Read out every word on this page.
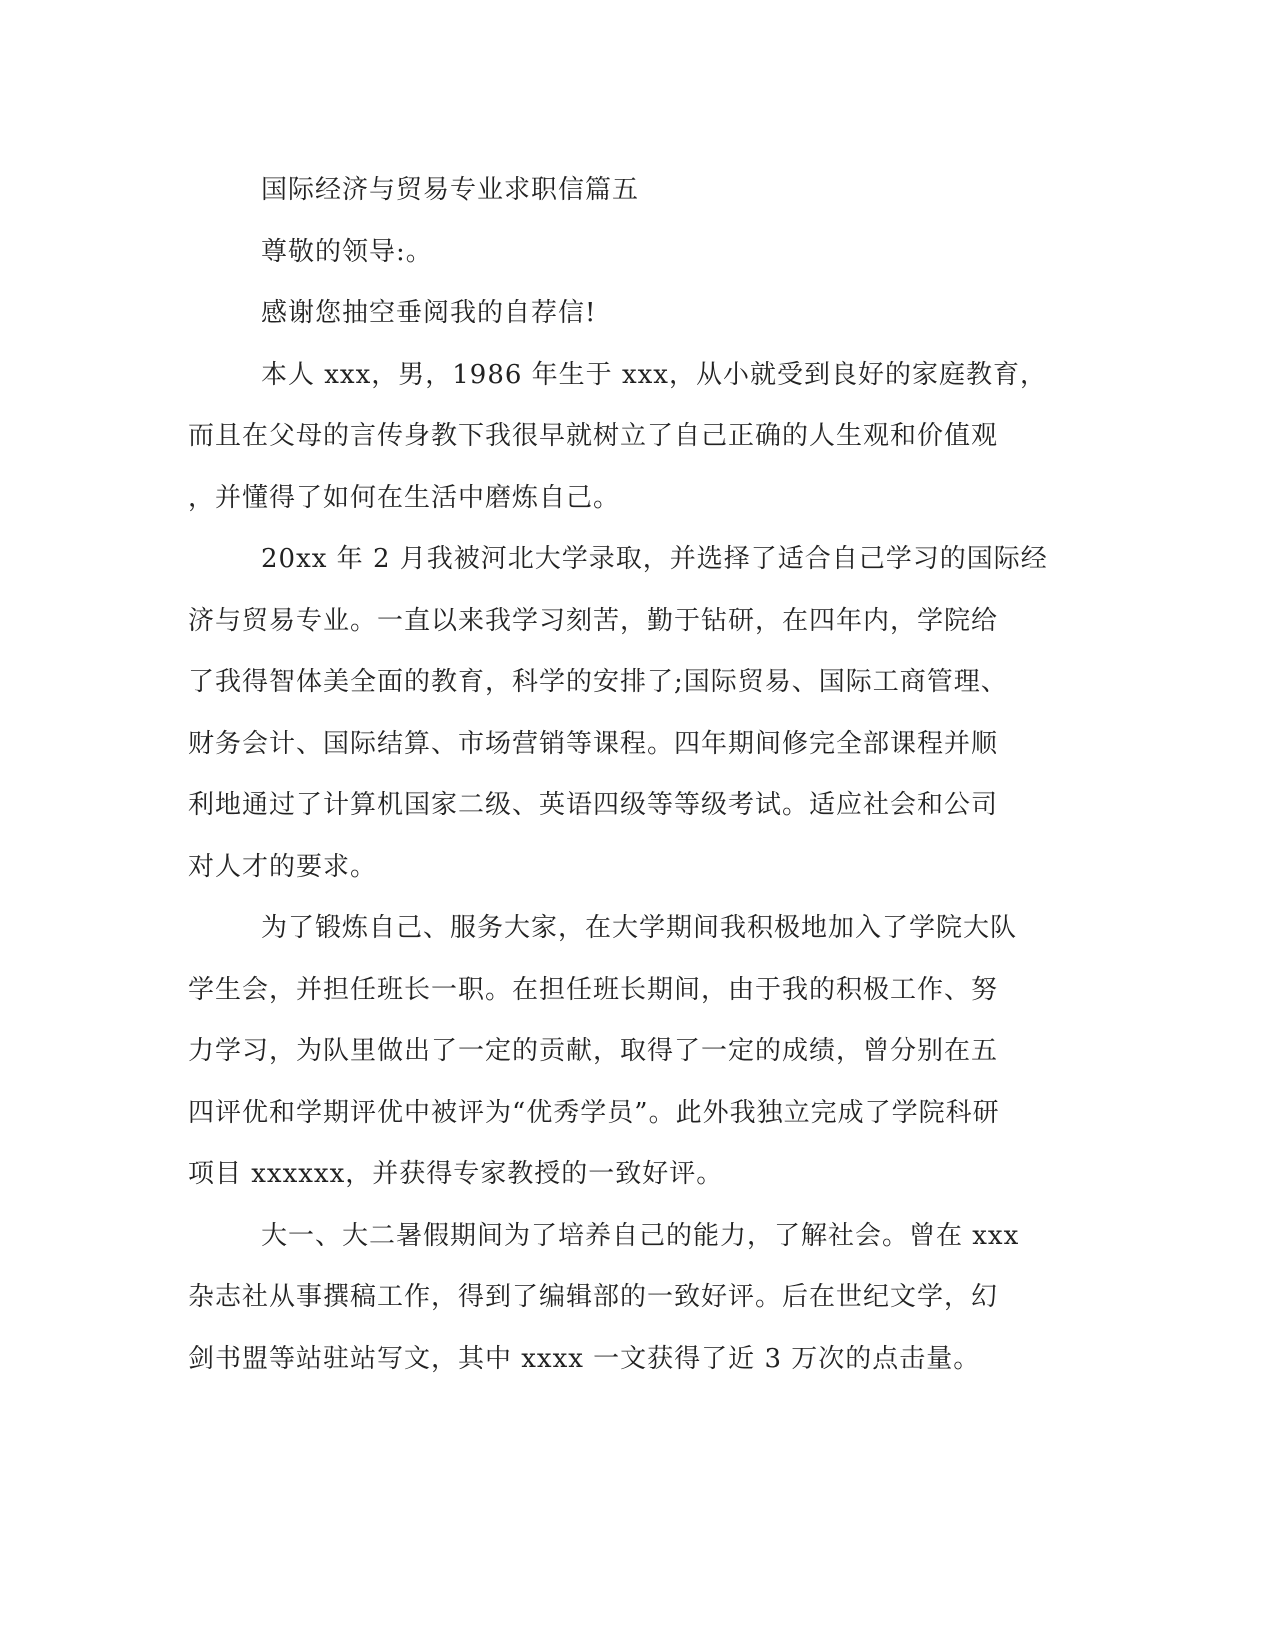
国际经济与贸易专业求职信篇五
尊敬的领导:。
感谢您抽空垂阅我的自荐信!
本人 xxx，男，1986 年生于 xxx，从小就受到良好的家庭教育，
而且在父母的言传身教下我很早就树立了自己正确的人生观和价值观
，并懂得了如何在生活中磨炼自己。
20xx 年 2 月我被河北大学录取，并选择了适合自己学习的国际经
济与贸易专业。一直以来我学习刻苦，勤于钻研，在四年内，学院给
了我得智体美全面的教育，科学的安排了;国际贸易、国际工商管理、
财务会计、国际结算、市场营销等课程。四年期间修完全部课程并顺
利地通过了计算机国家二级、英语四级等等级考试。适应社会和公司
对人才的要求。
为了锻炼自己、服务大家，在大学期间我积极地加入了学院大队
学生会，并担任班长一职。在担任班长期间，由于我的积极工作、努
力学习，为队里做出了一定的贡献，取得了一定的成绩，曾分别在五
四评优和学期评优中被评为“优秀学员”。此外我独立完成了学院科研
项目 xxxxxx，并获得专家教授的一致好评。
大一、大二暑假期间为了培养自己的能力，了解社会。曾在 xxx
杂志社从事撰稿工作，得到了编辑部的一致好评。后在世纪文学，幻
剑书盟等站驻站写文，其中 xxxx 一文获得了近 3 万次的点击量。
